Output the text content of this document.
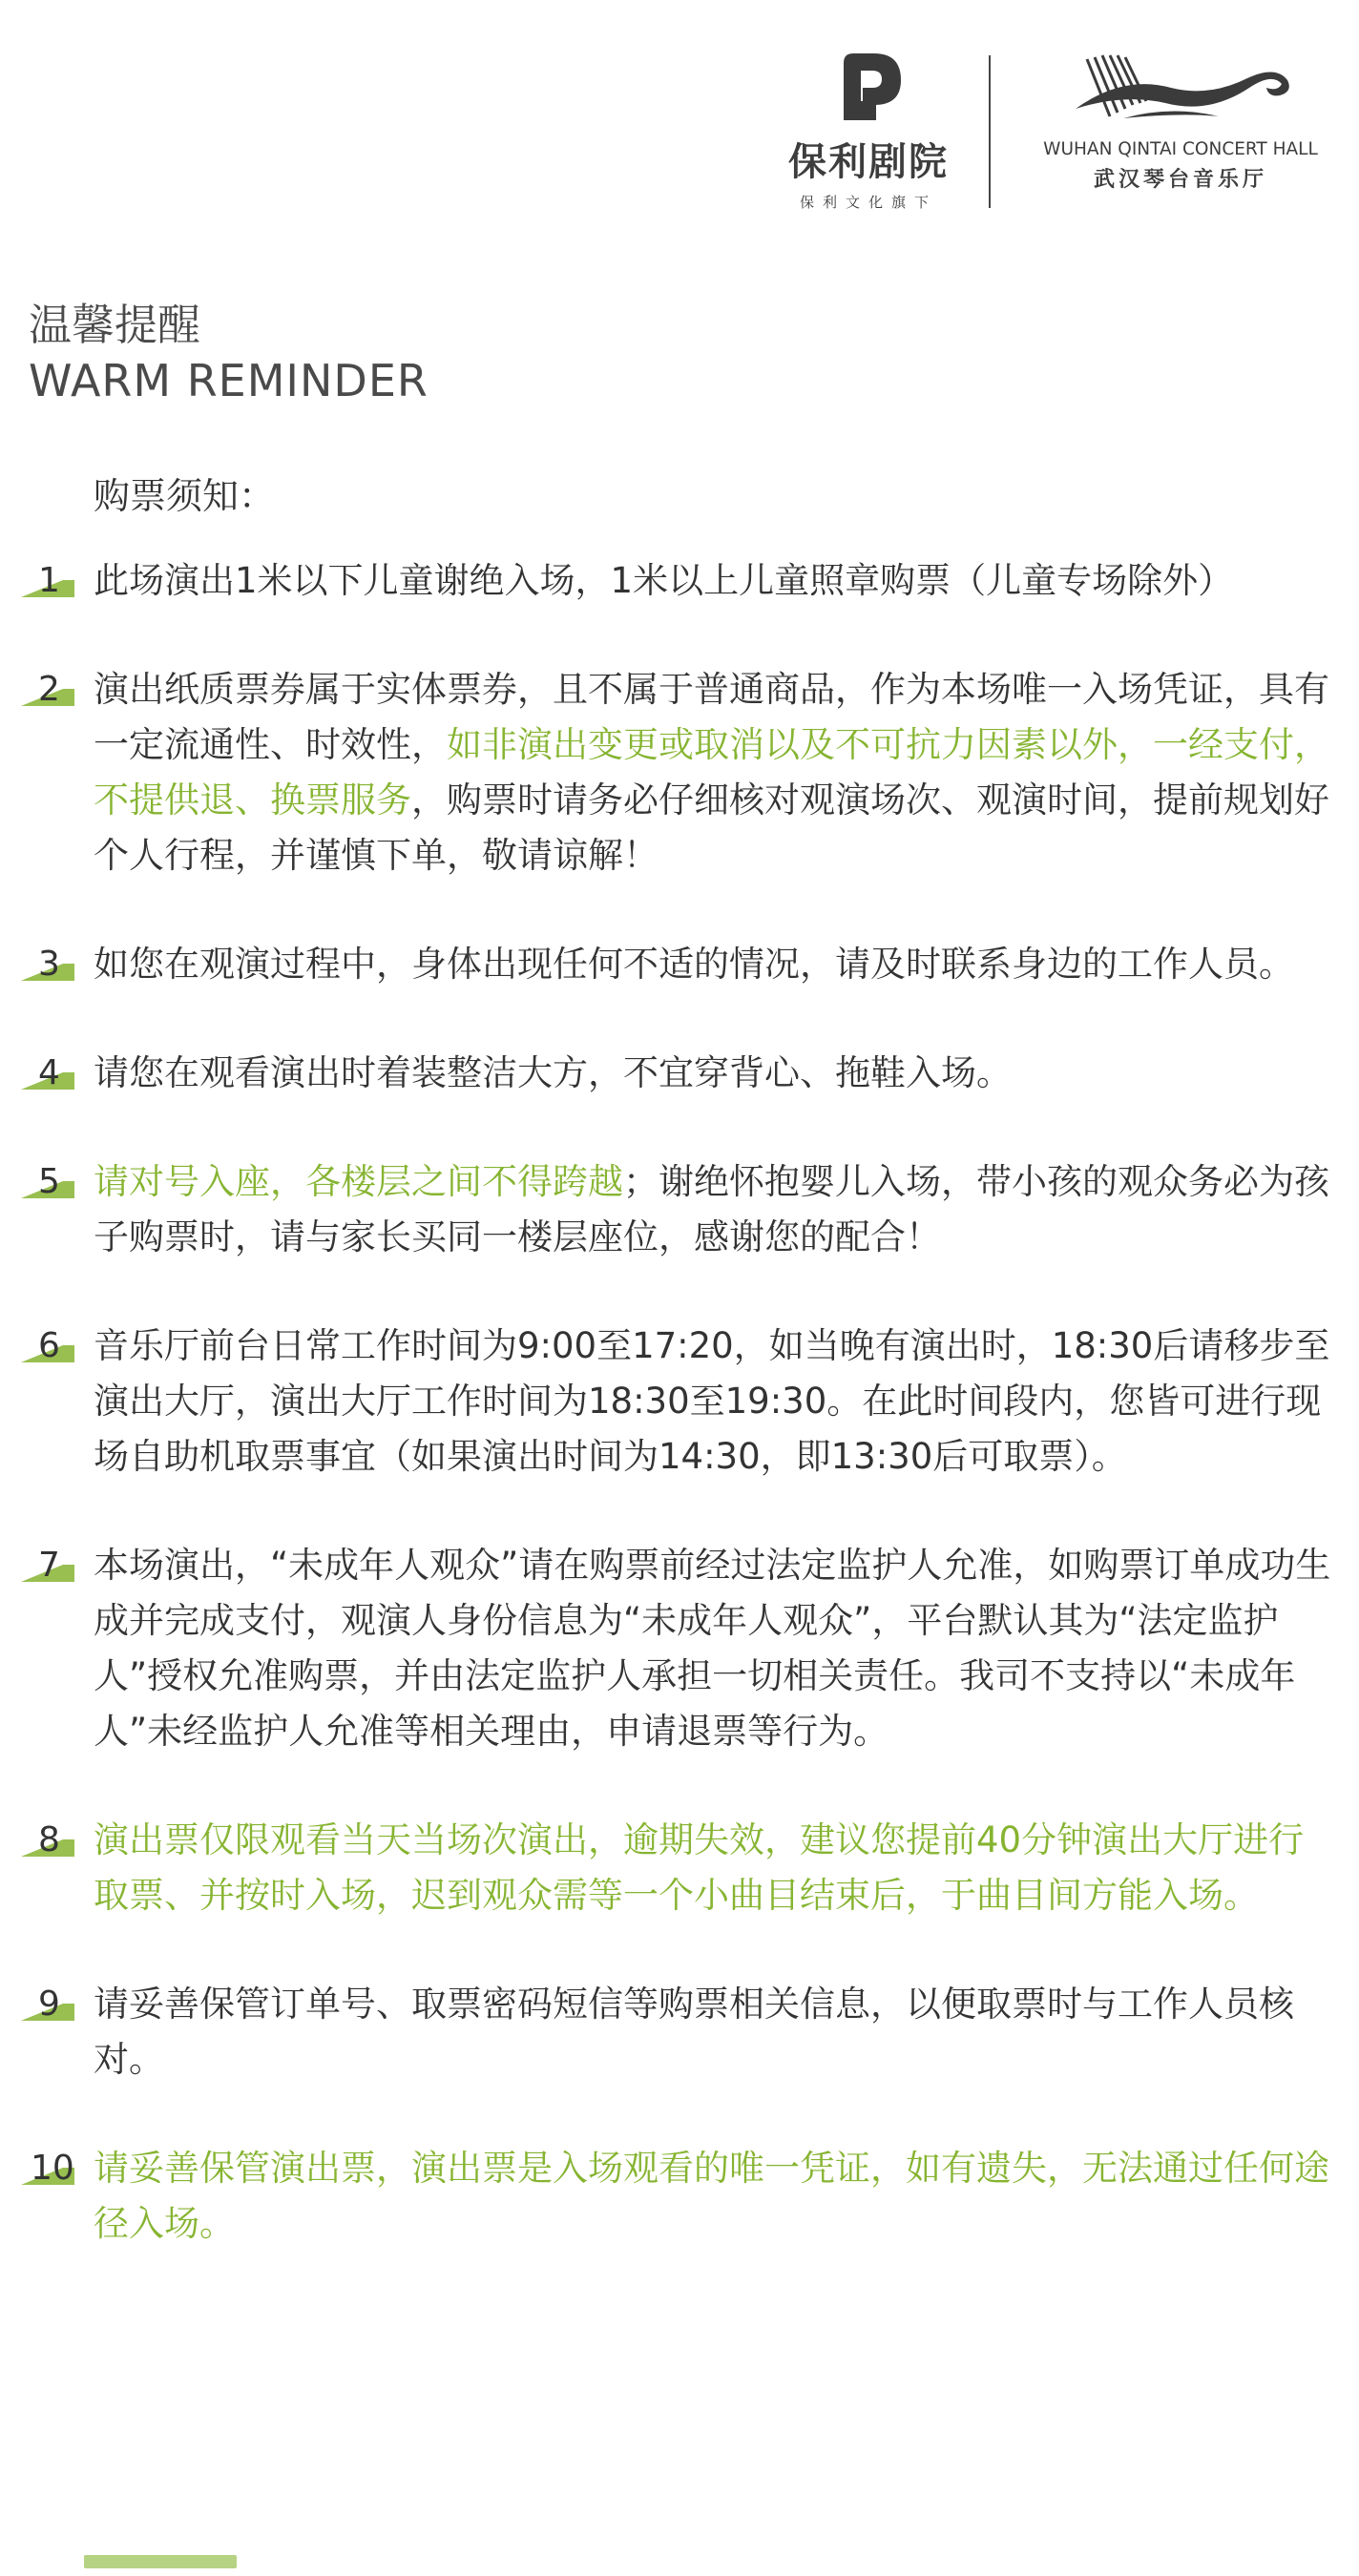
保利剧院
保利文化旗下
WUHAN QINTAI CONCERT HALL
武汉琴台音乐厅
温馨提醒
WARM REMINDER
购票须知：
1 此场演出1米以下儿童谢绝入场，1米以上儿童照章购票（儿童专场除外）
2 演出纸质票券属于实体票券，且不属于普通商品，作为本场唯一入场凭证，具有一定流通性、时效性，如非演出变更或取消以及不可抗力因素以外，一经支付，不提供退、换票服务，购票时请务必仔细核对观演场次、观演时间，提前规划好个人行程，并谨慎下单，敬请谅解！
3 如您在观演过程中，身体出现任何不适的情况，请及时联系身边的工作人员。
4 请您在观看演出时着装整洁大方，不宜穿背心、拖鞋入场。
5 请对号入座，各楼层之间不得跨越；谢绝怀抱婴儿入场，带小孩的观众务必为孩子购票时，请与家长买同一楼层座位，感谢您的配合！
6 音乐厅前台日常工作时间为9:00至17:20，如当晚有演出时，18:30后请移步至演出大厅，演出大厅工作时间为18:30至19:30。在此时间段内，您皆可进行现场自助机取票事宜（如果演出时间为14:30，即13:30后可取票）。
7 本场演出，“未成年人观众”请在购票前经过法定监护人允准，如购票订单成功生成并完成支付，观演人身份信息为“未成年人观众”，平台默认其为“法定监护人”授权允准购票，并由法定监护人承担一切相关责任。我司不支持以“未成年人”未经监护人允准等相关理由，申请退票等行为。
8 演出票仅限观看当天当场次演出，逾期失效，建议您提前40分钟演出大厅进行取票、并按时入场，迟到观众需等一个小曲目结束后，于曲目间方能入场。
9 请妥善保管订单号、取票密码短信等购票相关信息，以便取票时与工作人员核对。
10 请妥善保管演出票，演出票是入场观看的唯一凭证，如有遗失，无法通过任何途径入场。
